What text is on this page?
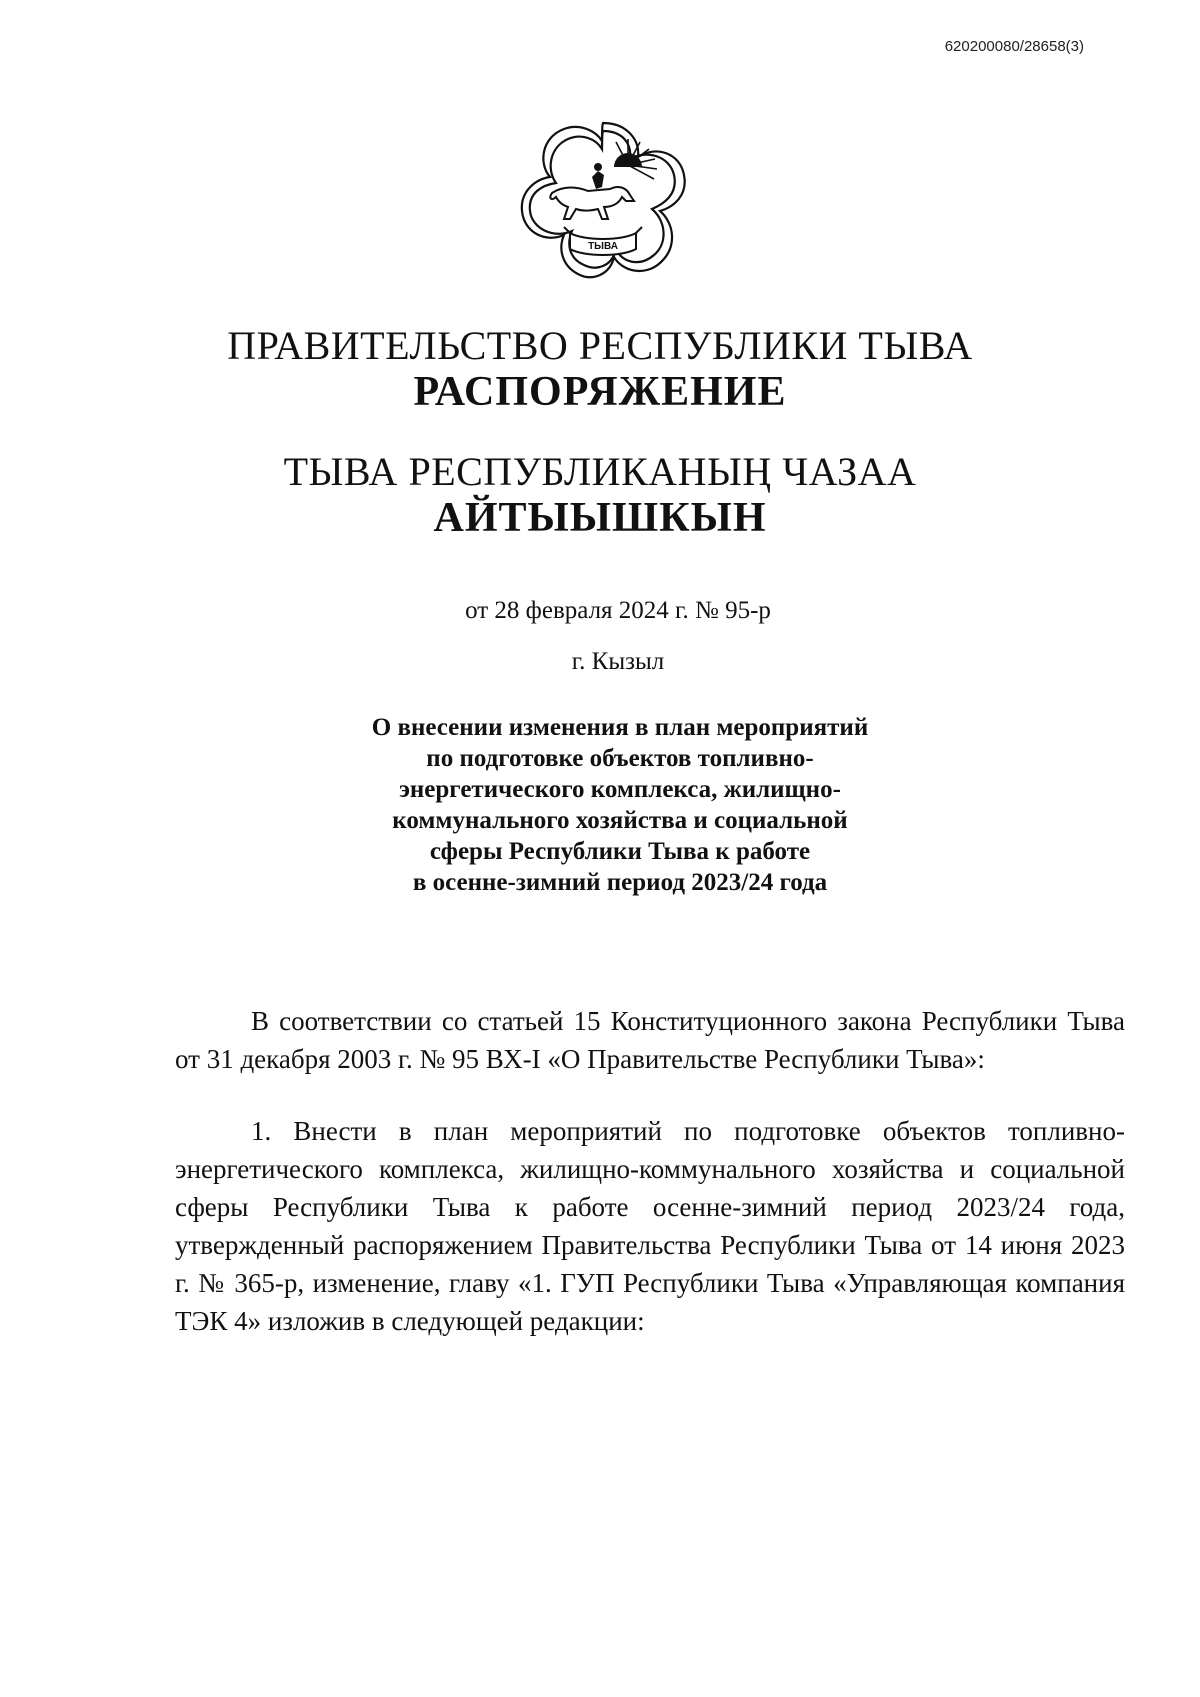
620200080/28658(3)
ТЫВА
ПРАВИТЕЛЬСТВО РЕСПУБЛИКИ ТЫВА
РАСПОРЯЖЕНИЕ
ТЫВА РЕСПУБЛИКАНЫҢ ЧАЗАА
АЙТЫЫШКЫН
от 28 февраля 2024 г. № 95-р
г. Кызыл
О внесении изменения в план мероприятий
по подготовке объектов топливно-
энергетического комплекса, жилищно-
коммунального хозяйства и социальной
сферы Республики Тыва к работе
в осенне-зимний период 2023/24 года

В соответствии со статьей 15 Конституционного закона Республики Тыва от 31 декабря 2003 г. № 95 ВХ-I «О Правительстве Республики Тыва»:

1. Внести в план мероприятий по подготовке объектов топливно-энергетического комплекса, жилищно-коммунального хозяйства и социальной сферы Республики Тыва к работе осенне-зимний период 2023/24 года, утвержденный распоряжением Правительства Республики Тыва от 14 июня 2023 г. № 365-р, изменение, главу «1. ГУП Республики Тыва «Управляющая компания ТЭК 4» изложив в следующей редакции:
